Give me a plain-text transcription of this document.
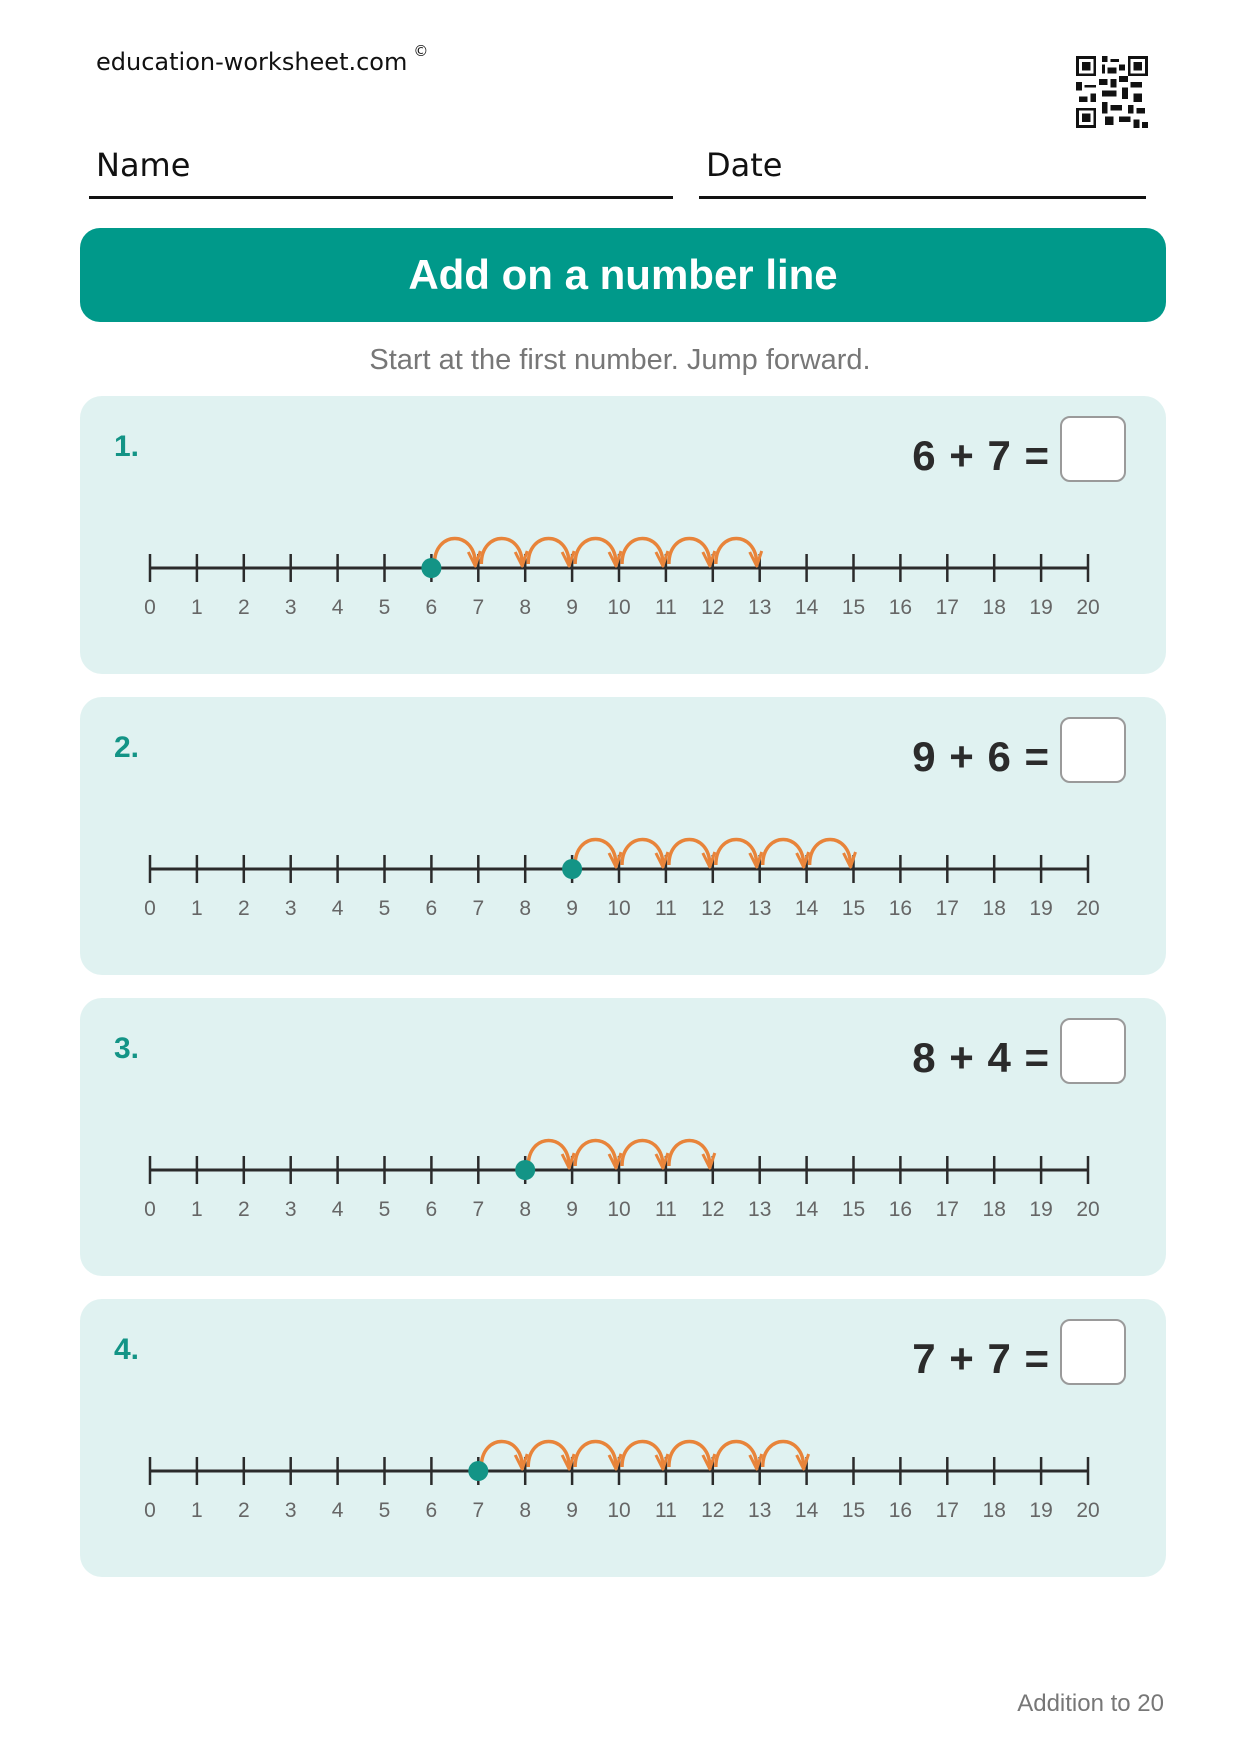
education-worksheet.com ©
Name	Date
Add on a number line
Start at the first number. Jump forward.
1.	6 + 7 =
0 1 2 3 4 5 6 7 8 9 10 11 12 13 14 15 16 17 18 19 20
2.	9 + 6 =
0 1 2 3 4 5 6 7 8 9 10 11 12 13 14 15 16 17 18 19 20
3.	8 + 4 =
0 1 2 3 4 5 6 7 8 9 10 11 12 13 14 15 16 17 18 19 20
4.	7 + 7 =
0 1 2 3 4 5 6 7 8 9 10 11 12 13 14 15 16 17 18 19 20
Addition to 20
